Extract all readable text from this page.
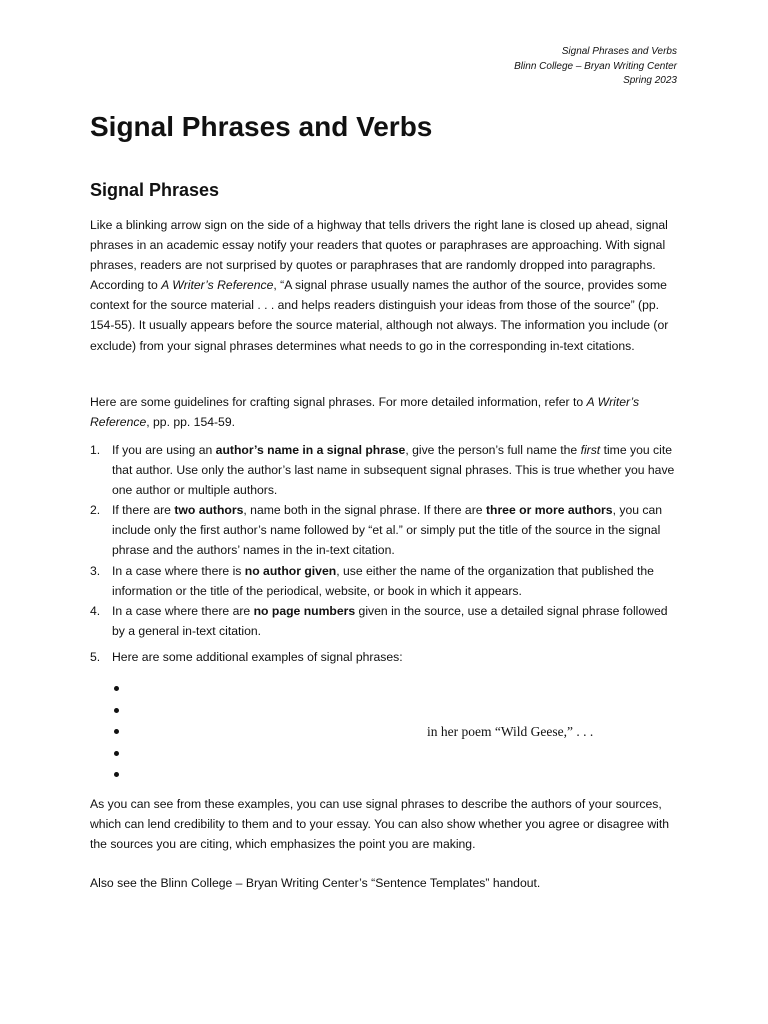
Signal Phrases and Verbs
Blinn College – Bryan Writing Center
Spring 2023
Signal Phrases and Verbs
Signal Phrases

Like a blinking arrow sign on the side of a highway that tells drivers the right lane is closed up ahead, signal phrases in an academic essay notify your readers that quotes or paraphrases are approaching. With signal phrases, readers are not surprised by quotes or paraphrases that are randomly dropped into paragraphs. According to A Writer’s Reference, “A signal phrase usually names the author of the source, provides some context for the source material . . . and helps readers distinguish your ideas from those of the source” (pp. 154-55). It usually appears before the source material, although not always. The information you include (or exclude) from your signal phrases determines what needs to go in the corresponding in-text citations.

Here are some guidelines for crafting signal phrases. For more detailed information, refer to A Writer’s Reference, pp. pp. 154-59.

1. If you are using an author’s name in a signal phrase, give the person’s full name the first time you cite that author. Use only the author’s last name in subsequent signal phrases. This is true whether you have one author or multiple authors.
2. If there are two authors, name both in the signal phrase. If there are three or more authors, you can include only the first author’s name followed by “et al.” or simply put the title of the source in the signal phrase and the authors’ names in the in-text citation.
3. In a case where there is no author given, use either the name of the organization that published the information or the title of the periodical, website, or book in which it appears.
4. In a case where there are no page numbers given in the source, use a detailed signal phrase followed by a general in-text citation.
5. Here are some additional examples of signal phrases:
in her poem “Wild Geese,” . . .

As you can see from these examples, you can use signal phrases to describe the authors of your sources, which can lend credibility to them and to your essay. You can also show whether you agree or disagree with the sources you are citing, which emphasizes the point you are making.

Also see the Blinn College – Bryan Writing Center’s “Sentence Templates” handout.
